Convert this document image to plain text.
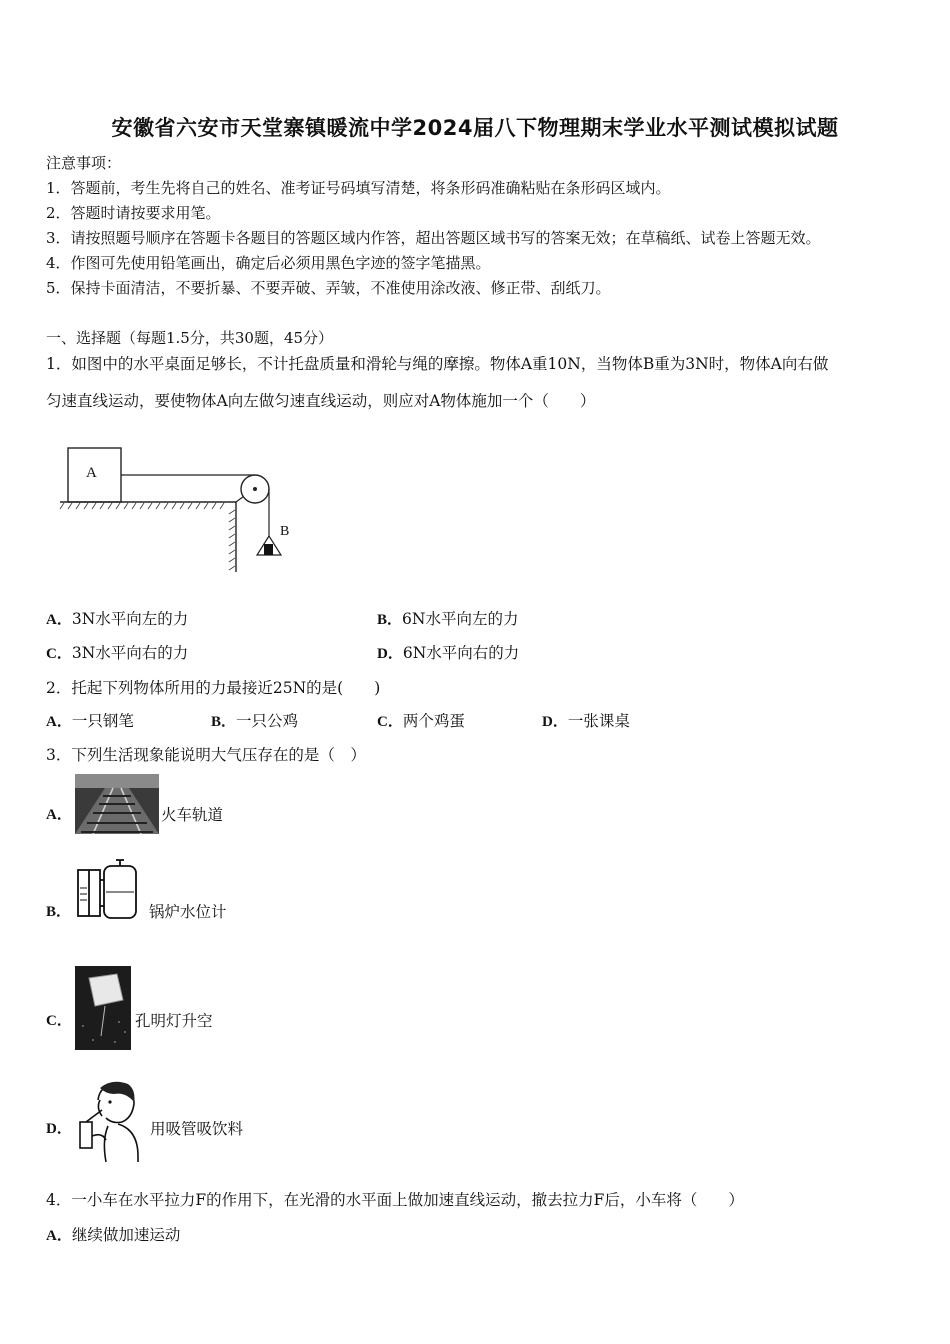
安徽省六安市天堂寨镇暖流中学2024届八下物理期末学业水平测试模拟试题
注意事项：
1．答题前，考生先将自己的姓名、准考证号码填写清楚，将条形码准确粘贴在条形码区域内。
2．答题时请按要求用笔。
3．请按照题号顺序在答题卡各题目的答题区域内作答，超出答题区域书写的答案无效；在草稿纸、试卷上答题无效。
4．作图可先使用铅笔画出，确定后必须用黑色字迹的签字笔描黑。
5．保持卡面清洁，不要折暴、不要弄破、弄皱，不准使用涂改液、修正带、刮纸刀。
一、选择题（每题1.5分，共30题，45分）
1．如图中的水平桌面足够长，不计托盘质量和滑轮与绳的摩擦。物体A重10N，当物体B重为3N时，物体A向右做
匀速直线运动，要使物体A向左做匀速直线运动，则应对A物体施加一个（　　）
A
B
A．3N水平向左的力	B．6N水平向左的力
C．3N水平向右的力	D．6N水平向右的力
2．托起下列物体所用的力最接近25N的是(　　)
A．一只钢笔	B．一只公鸡	C．两个鸡蛋	D．一张课桌
3．下列生活现象能说明大气压存在的是（　）
A．	火车轨道
B．	锅炉水位计
C．	孔明灯升空
D．	用吸管吸饮料
4．一小车在水平拉力F的作用下，在光滑的水平面上做加速直线运动，撤去拉力F后，小车将（　　）
A．继续做加速运动
